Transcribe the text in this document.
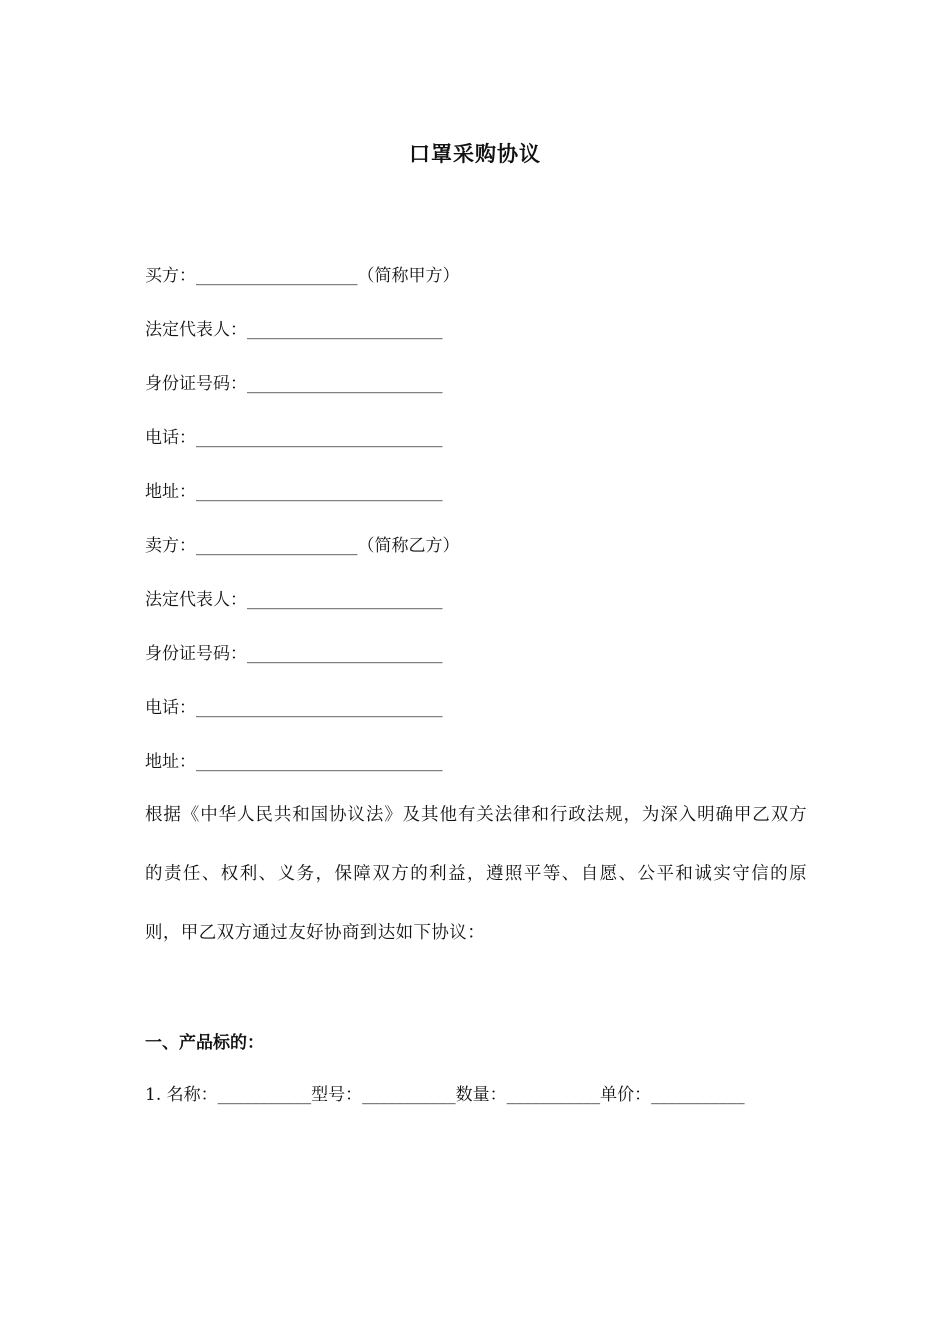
口罩采购协议
买方：___________________（简称甲方）
法定代表人：_______________________
身份证号码：_______________________
电话：_____________________________
地址：_____________________________
卖方：___________________（简称乙方）
法定代表人：_______________________
身份证号码：_______________________
电话：_____________________________
地址：_____________________________
根据《中华人民共和国协议法》及其他有关法律和行政法规，为深入明确甲乙双方的责任、权利、义务，保障双方的利益，遵照平等、自愿、公平和诚实守信的原则，甲乙双方通过友好协商到达如下协议：
一、产品标的：
1. 名称：___________型号：___________数量：___________单价：___________
